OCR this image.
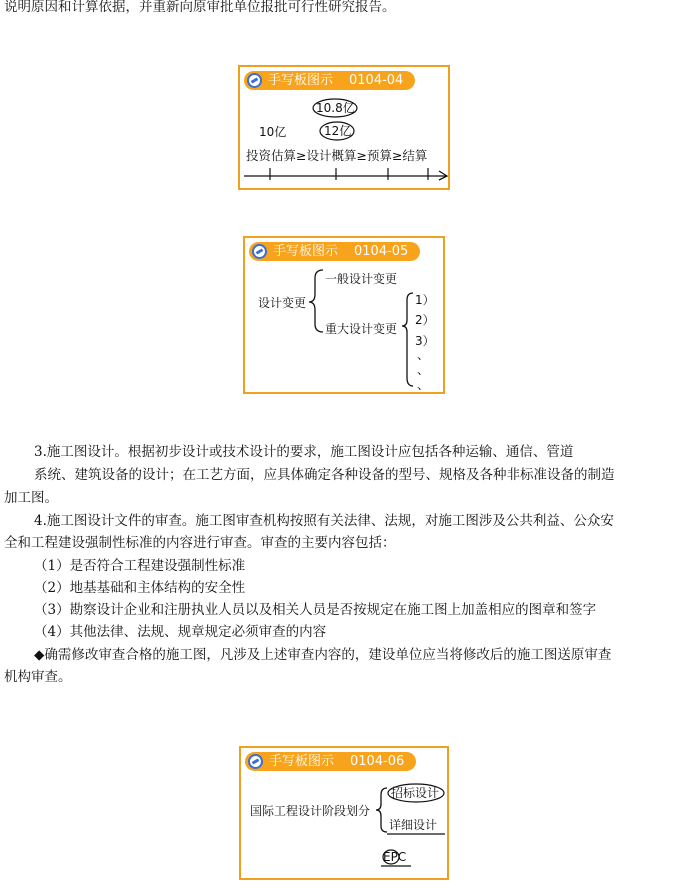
说明原因和计算依据，并重新向原审批单位报批可行性研究报告。
手写板图示 0104-04
10.8亿
10亿	12亿
投资估算≥设计概算≥预算≥结算
手写板图示 0104-05
设计变更
一般设计变更
重大设计变更
1）
2）
3）
、
、
、
3.施工图设计。根据初步设计或技术设计的要求，施工图设计应包括各种运输、通信、管道
系统、建筑设备的设计；在工艺方面，应具体确定各种设备的型号、规格及各种非标准设备的制造
加工图。
4.施工图设计文件的审查。施工图审查机构按照有关法律、法规，对施工图涉及公共利益、公众安
全和工程建设强制性标准的内容进行审查。审查的主要内容包括：
（1）是否符合工程建设强制性标准
（2）地基基础和主体结构的安全性
（3）勘察设计企业和注册执业人员以及相关人员是否按规定在施工图上加盖相应的图章和签字
（4）其他法律、法规、规章规定必须审查的内容
◆确需修改审查合格的施工图，凡涉及上述审查内容的，建设单位应当将修改后的施工图送原审查
机构审查。
手写板图示 0104-06
国际工程设计阶段划分
招标设计
详细设计
EPC
